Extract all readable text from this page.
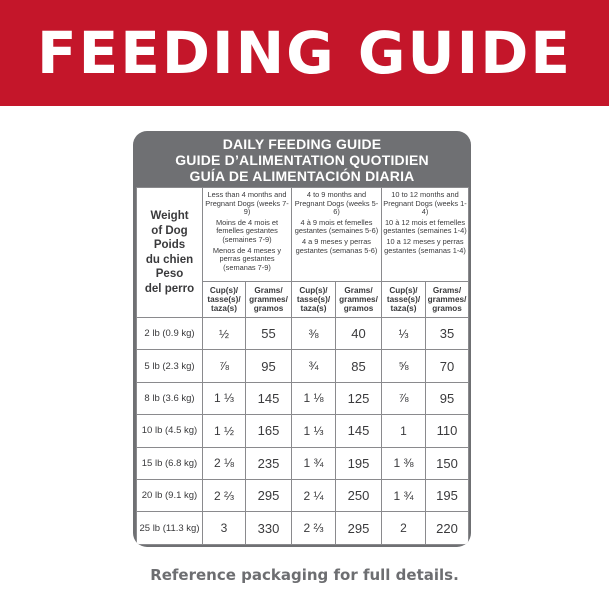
FEEDING GUIDE
DAILY FEEDING GUIDE
GUIDE D’ALIMENTATION QUOTIDIEN
GUÍA DE ALIMENTACIÓN DIARIA
Weight
of Dog
Poids
du chien
Peso
del perro
Less than 4 months and Pregnant Dogs (weeks 7-9)
Moins de 4 mois et femelles gestantes (semaines 7-9)
Menos de 4 meses y perras gestantes (semanas 7-9)
Cup(s)/ tasse(s)/ taza(s)
Grams/ grammes/ gramos
4 to 9 months and Pregnant Dogs (weeks 5-6)
4 à 9 mois et femelles gestantes (semaines 5-6)
4 a 9 meses y perras gestantes (semanas 5-6)
Cup(s)/ tasse(s)/ taza(s)
Grams/ grammes/ gramos
10 to 12 months and Pregnant Dogs (weeks 1-4)
10 à 12 mois et femelles gestantes (semaines 1-4)
10 a 12 meses y perras gestantes (semanas 1-4)
Cup(s)/ tasse(s)/ taza(s)
Grams/ grammes/ gramos
2 lb (0.9 kg)	½	55	⅜	40	⅓	35
5 lb (2.3 kg)	⅞	95	¾	85	⅝	70
8 lb (3.6 kg)	1 ⅓	145	1 ⅛	125	⅞	95
10 lb (4.5 kg)	1 ½	165	1 ⅓	145	1	110
15 lb (6.8 kg)	2 ⅛	235	1 ¾	195	1 ⅜	150
20 lb (9.1 kg)	2 ⅔	295	2 ¼	250	1 ¾	195
25 lb (11.3 kg)	3	330	2 ⅔	295	2	220
Reference packaging for full details.
